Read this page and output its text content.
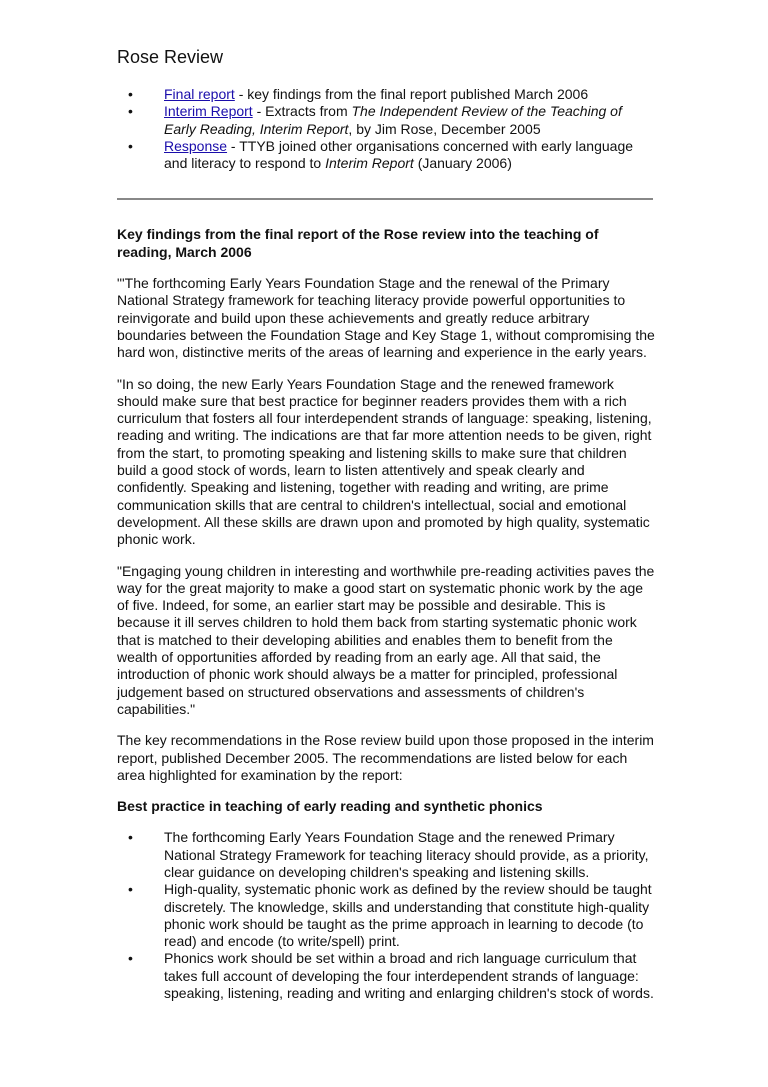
Rose Review
• Final report - key findings from the final report published March 2006
• Interim Report - Extracts from The Independent Review of the Teaching of Early Reading, Interim Report, by Jim Rose, December 2005
• Response - TTYB joined other organisations concerned with early language and literacy to respond to Interim Report (January 2006)
Key findings from the final report of the Rose review into the teaching of reading, March 2006

"'The forthcoming Early Years Foundation Stage and the renewal of the Primary National Strategy framework for teaching literacy provide powerful opportunities to reinvigorate and build upon these achievements and greatly reduce arbitrary boundaries between the Foundation Stage and Key Stage 1, without compromising the hard won, distinctive merits of the areas of learning and experience in the early years.

"In so doing, the new Early Years Foundation Stage and the renewed framework should make sure that best practice for beginner readers provides them with a rich curriculum that fosters all four interdependent strands of language: speaking, listening, reading and writing. The indications are that far more attention needs to be given, right from the start, to promoting speaking and listening skills to make sure that children build a good stock of words, learn to listen attentively and speak clearly and confidently. Speaking and listening, together with reading and writing, are prime communication skills that are central to children's intellectual, social and emotional development. All these skills are drawn upon and promoted by high quality, systematic phonic work.

"Engaging young children in interesting and worthwhile pre-reading activities paves the way for the great majority to make a good start on systematic phonic work by the age of five. Indeed, for some, an earlier start may be possible and desirable. This is because it ill serves children to hold them back from starting systematic phonic work that is matched to their developing abilities and enables them to benefit from the wealth of opportunities afforded by reading from an early age. All that said, the introduction of phonic work should always be a matter for principled, professional judgement based on structured observations and assessments of children's capabilities."

The key recommendations in the Rose review build upon those proposed in the interim report, published December 2005. The recommendations are listed below for each area highlighted for examination by the report:

Best practice in teaching of early reading and synthetic phonics
• The forthcoming Early Years Foundation Stage and the renewed Primary National Strategy Framework for teaching literacy should provide, as a priority, clear guidance on developing children's speaking and listening skills.
• High-quality, systematic phonic work as defined by the review should be taught discretely. The knowledge, skills and understanding that constitute high-quality phonic work should be taught as the prime approach in learning to decode (to read) and encode (to write/spell) print.
• Phonics work should be set within a broad and rich language curriculum that takes full account of developing the four interdependent strands of language: speaking, listening, reading and writing and enlarging children's stock of words.
